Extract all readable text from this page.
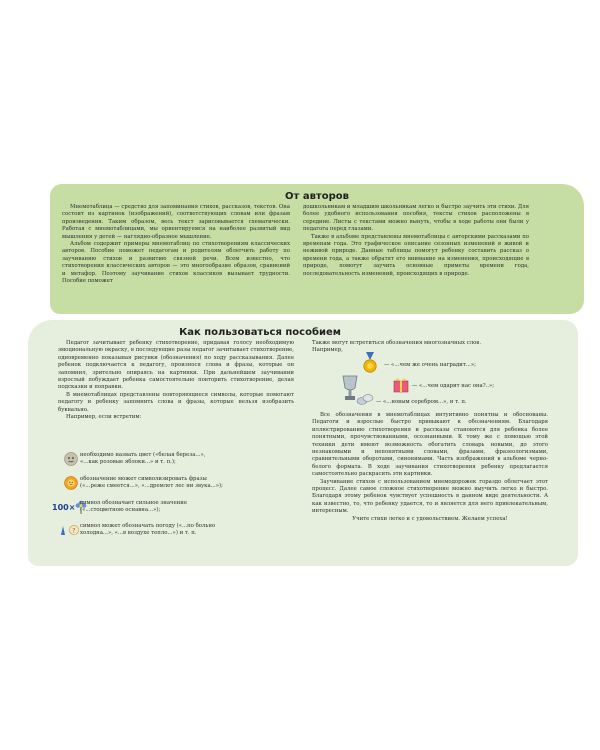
От авторов

Мнемотаблица — средство для запоминания стихов, рассказов, текстов. Она состоит из картинок (изображений), соответствующих словам или фразам произведения. Таким образом, весь текст зарисовывается схематически. Работая с мнемотаблицами, мы ориентируемся на наиболее развитый вид мышления у детей — наглядно-образное мышление.

Альбом содержит примеры мнемотаблиц по стихотворениям классических авторов. Пособие поможет педагогам и родителям облегчить работу по заучиванию стихов и развитию связной речи. Всем известно, что стихотворения классических авторов — это многообразие образов, сравнений и метафор. Поэтому заучивание стихов классиков вызывает трудности. Пособие поможет

дошкольникам и младшим школьникам легко и быстро заучить эти стихи. Для более удобного использования пособия, тексты стихов расположены в середине. Листы с текстами можно вынуть, чтобы в ходе работы они были у педагога перед глазами.

Также в альбоме представлены мнемотаблицы с авторскими рассказами по временам года. Это графическое описание сезонных изменений в живой и неживой природе. Данные таблицы помогут ребенку составить рассказ о времени года, а также обратят его внимание на изменения, происходящие в природе, помогут заучить основные приметы времени года, последовательность изменений, происходящих в природе.

Как пользоваться пособием

Педагог зачитывает ребенку стихотворение, придавая голосу необходимую эмоциональную окраску, в последующие разы педагог зачитывает стихотворение, одновременно показывая рисунки (обозначения) по ходу рассказывания. Далее ребенок подключается к педагогу, произнося слова и фразы, которые он запомнил, зрительно опираясь на картинки. При дальнейшем заучивании взрослый побуждает ребенка самостоятельно повторить стихотворение, делая подсказки и поправки.

В мнемотаблицах представлены повторяющиеся символы, которые помогают педагогу и ребенку запомнить слова и фразы, которые нельзя изобразить буквально.

Например, если встретим:

100×
?
необходимо назвать цвет («белая береза...»,
«...как розовые яблоки...» и т. п.);
обозначение может символизировать фразы
(«...реже смеется...», «...дремлет лес ни звука...»);
символ обозначает сильное значение
(«...стоцветною оснавна...»);
символ может обозначать погоду («...по больно
холодна...», «...в воздухе тепло...») и т. п.

Также могут встретиться обозначения многозначных слов.

Например,

— «...чем же очень наградит...»;
— «...чем одарит нас она?..»;
— «...новым серебром...», и т. п.

Все обозначения в мнемотаблицах интуитивно понятны и обоснованы. Педагоги и взрослые быстро привыкают к обозначениям. Благодаря иллюстрированию стихотворения и рассказы становятся для ребенка более понятными, прочувствованными, осознанными. К тому же с помощью этой техники дети имеют возможность обогатить словарь новыми, до этого незнакомыми и непонятными словами, фразами, фразеологизмами, сравнительными оборотами, синонимами. Часть изображений в альбоме черно-белого формата. В ходе заучивания стихотворения ребенку предлагается самостоятельно раскрасить эти картинки.

Заучивание стихов с использованием мнемодорожек гораздо облегчает этот процесс. Далее самое сложное стихотворение можно выучить легко и быстро. Благодаря этому ребенок чувствует успешность в данном виде деятельности. А как известно, то, что ребенку удается, то и является для него привлекательным, интересным.

Учите стихи легко и с удовольствием. Желаем успеха!
